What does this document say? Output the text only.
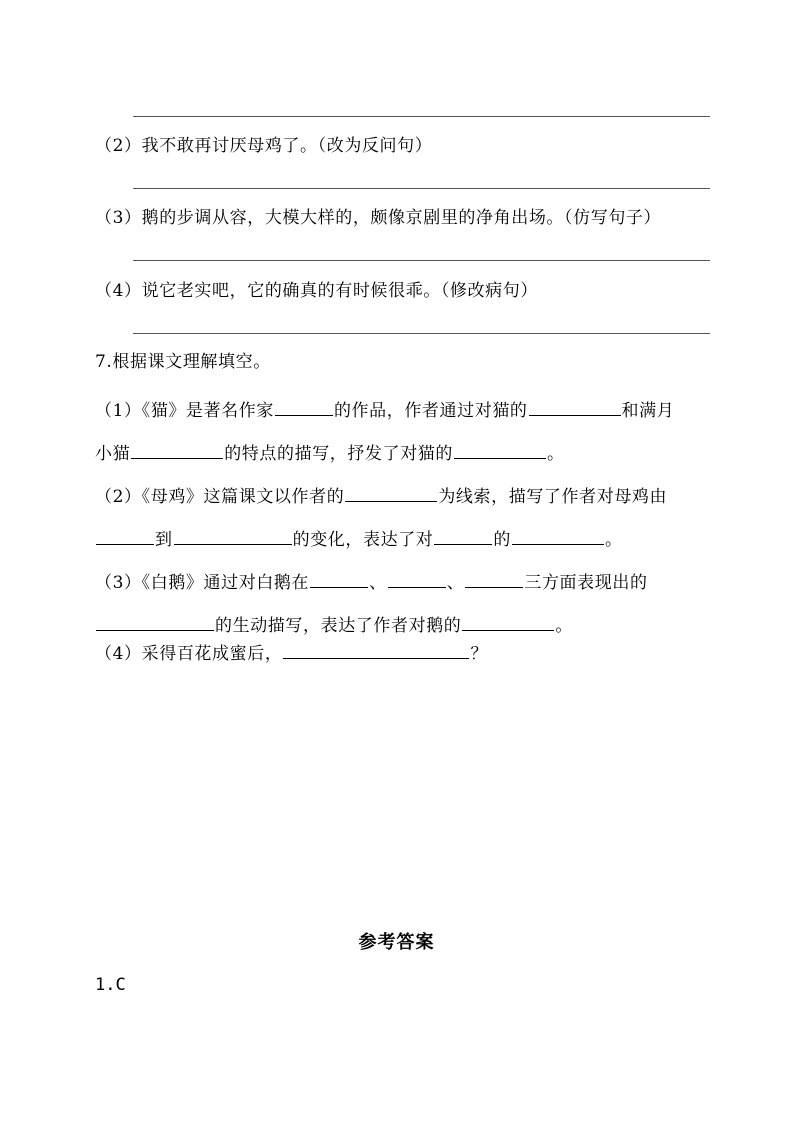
（2）我不敢再讨厌母鸡了。（改为反问句）
（3）鹅的步调从容，大模大样的，颇像京剧里的净角出场。（仿写句子）
（4）说它老实吧，它的确真的有时候很乖。（修改病句）
7.根据课文理解填空。
（1）《猫》是著名作家	的作品，作者通过对猫的	和满月
小猫	的特点的描写，抒发了对猫的	。
（2）《母鸡》这篇课文以作者的	为线索，描写了作者对母鸡由
到	的变化，表达了对	的	。
（3）《白鹅》通过对白鹅在	、	、	三方面表现出的
的生动描写，表达了作者对鹅的	。
（4）采得百花成蜜后，	？
参考答案
1.C
